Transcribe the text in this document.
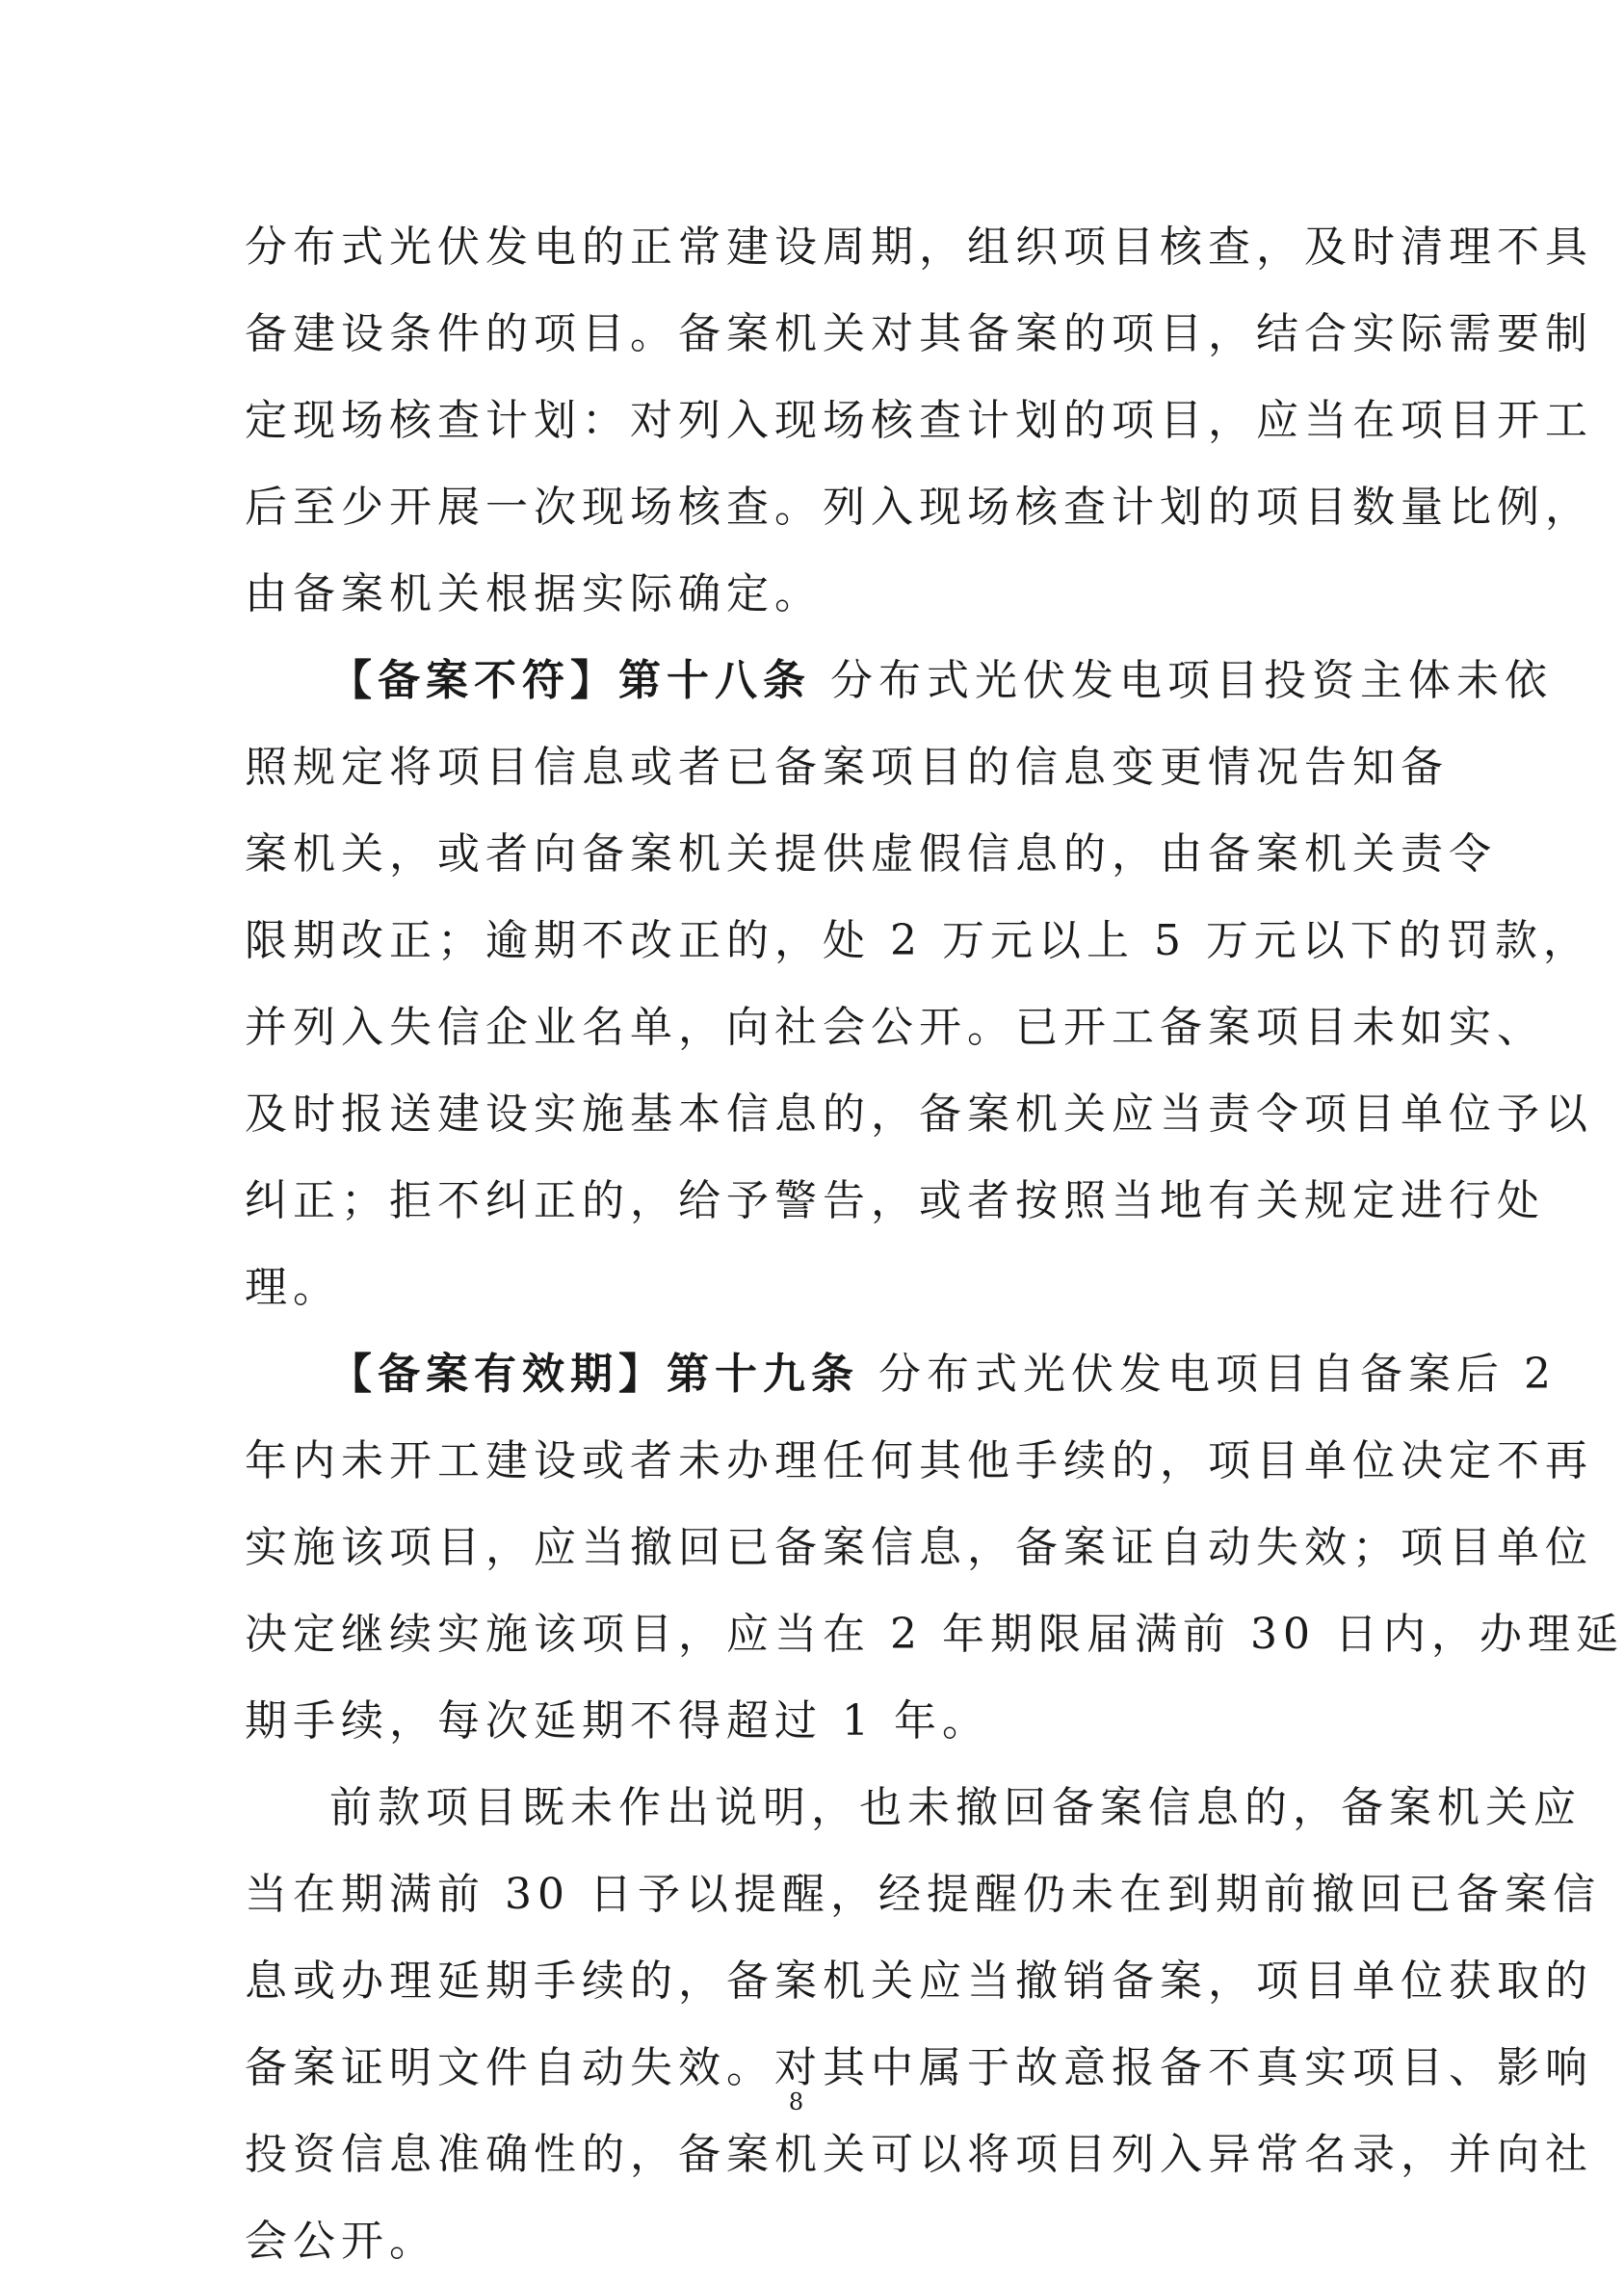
分布式光伏发电的正常建设周期，组织项目核查，及时清理不具
备建设条件的项目。备案机关对其备案的项目，结合实际需要制
定现场核查计划：对列入现场核查计划的项目，应当在项目开工
后至少开展一次现场核查。列入现场核查计划的项目数量比例，
由备案机关根据实际确定。
【备案不符】第十八条 分布式光伏发电项目投资主体未依
照规定将项目信息或者已备案项目的信息变更情况告知备
案机关，或者向备案机关提供虚假信息的，由备案机关责令
限期改正；逾期不改正的，处 2 万元以上 5 万元以下的罚款，
并列入失信企业名单，向社会公开。已开工备案项目未如实、
及时报送建设实施基本信息的，备案机关应当责令项目单位予以
纠正；拒不纠正的，给予警告，或者按照当地有关规定进行处
理。
【备案有效期】第十九条 分布式光伏发电项目自备案后 2
年内未开工建设或者未办理任何其他手续的，项目单位决定不再
实施该项目，应当撤回已备案信息，备案证自动失效；项目单位
决定继续实施该项目，应当在 2 年期限届满前 30 日内，办理延
期手续，每次延期不得超过 1 年。
前款项目既未作出说明，也未撤回备案信息的，备案机关应
当在期满前 30 日予以提醒，经提醒仍未在到期前撤回已备案信
息或办理延期手续的，备案机关应当撤销备案，项目单位获取的
备案证明文件自动失效。对其中属于故意报备不真实项目、影响
投资信息准确性的，备案机关可以将项目列入异常名录，并向社
会公开。
8
